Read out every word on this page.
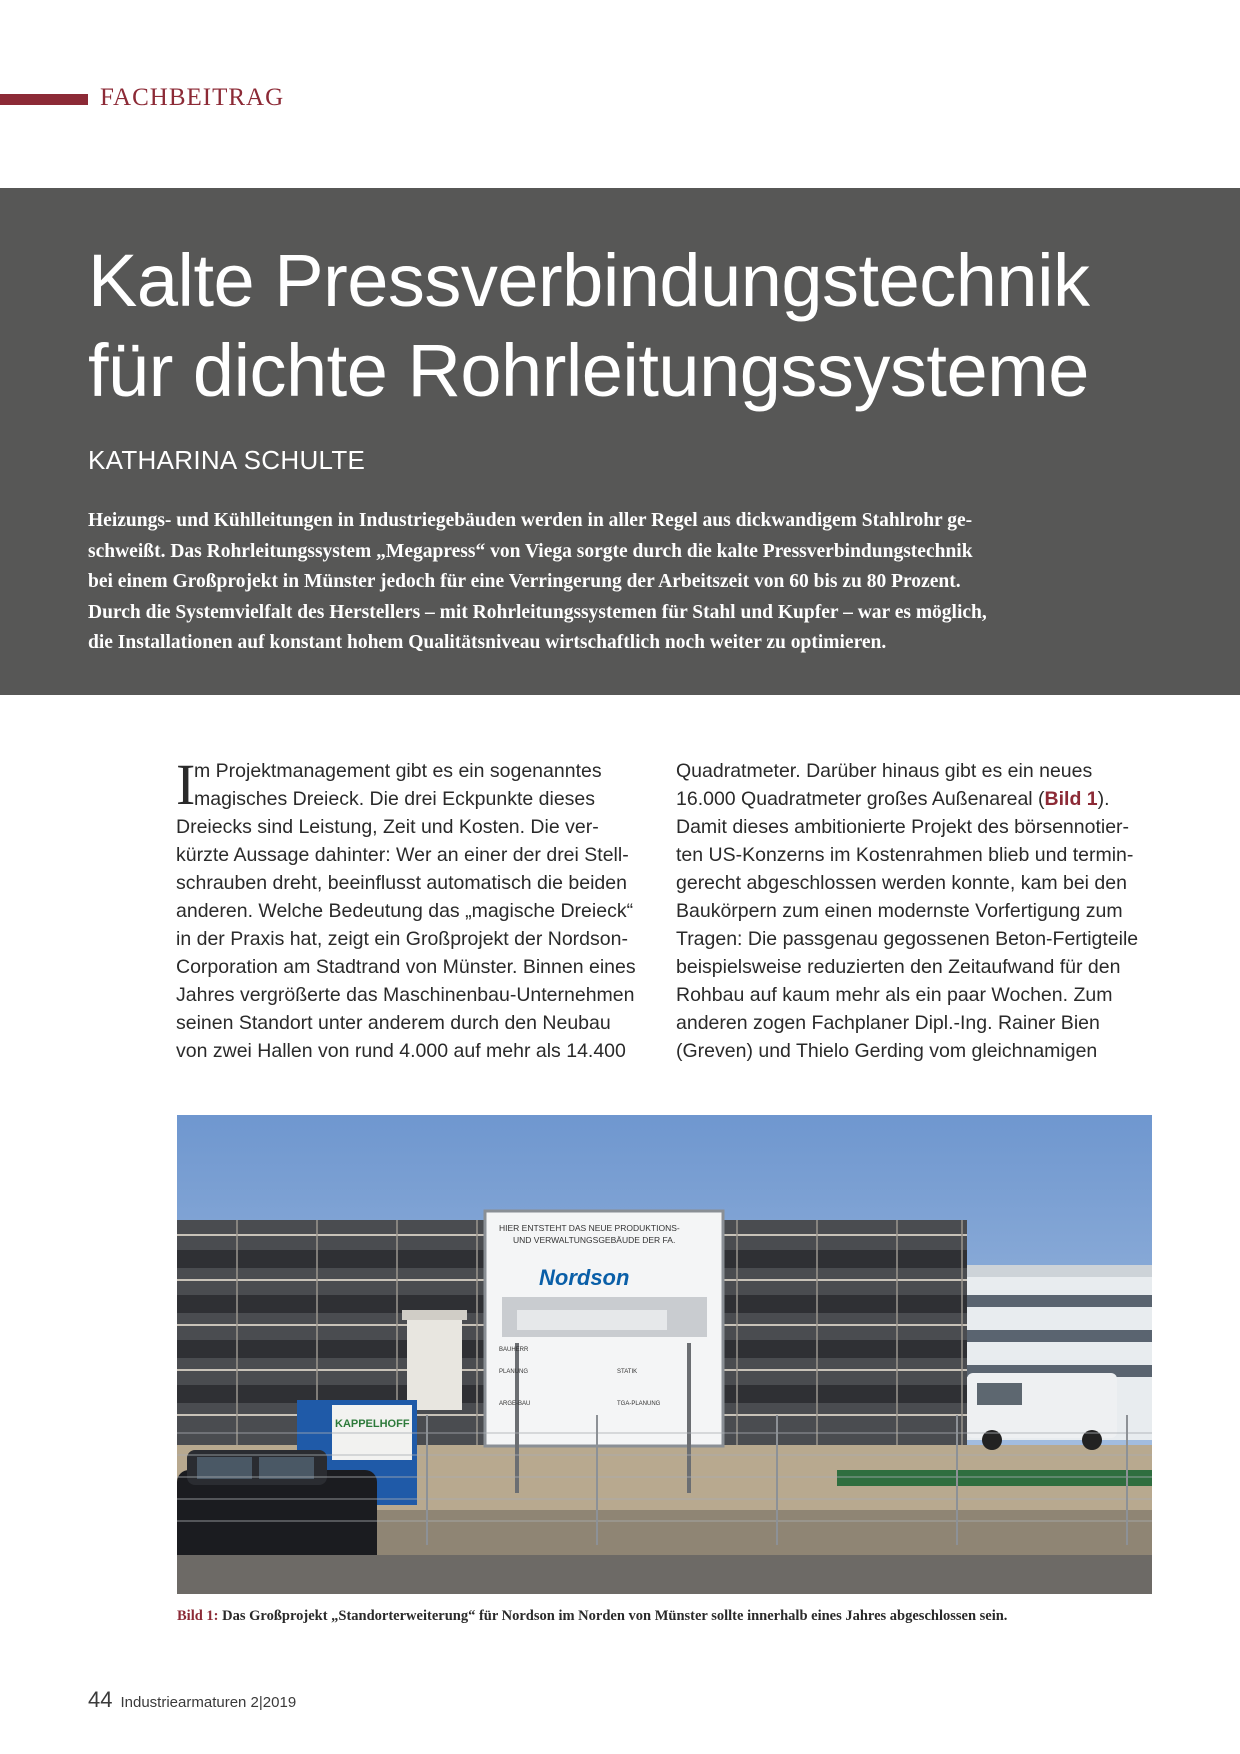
FACHBEITRAG
Kalte Pressverbindungstechnik
für dichte Rohrleitungssysteme
KATHARINA SCHULTE
Heizungs- und Kühlleitungen in Industriegebäuden werden in aller Regel aus dickwandigem Stahlrohr ge-
schweißt. Das Rohrleitungssystem „Megapress“ von Viega sorgte durch die kalte Pressverbindungstechnik
bei einem Großprojekt in Münster jedoch für eine Verringerung der Arbeitszeit von 60 bis zu 80 Prozent.
Durch die Systemvielfalt des Herstellers – mit Rohrleitungssystemen für Stahl und Kupfer – war es möglich,
die Installationen auf konstant hohem Qualitätsniveau wirtschaftlich noch weiter zu optimieren.
I
m Projektmanagement gibt es ein sogenanntes
magisches Dreieck. Die drei Eckpunkte dieses
Dreiecks sind Leistung, Zeit und Kosten. Die ver-
kürzte Aussage dahinter: Wer an einer der drei Stell-
schrauben dreht, beeinflusst automatisch die beiden
anderen. Welche Bedeutung das „magische Dreieck“
in der Praxis hat, zeigt ein Großprojekt der Nordson-
Corporation am Stadtrand von Münster. Binnen eines
Jahres vergrößerte das Maschinenbau-Unternehmen
seinen Standort unter anderem durch den Neubau
von zwei Hallen von rund 4.000 auf mehr als 14.400
Quadratmeter. Darüber hinaus gibt es ein neues
16.000 Quadratmeter großes Außenareal (Bild 1).
Damit dieses ambitionierte Projekt des börsennotier-
ten US-Konzerns im Kostenrahmen blieb und termin-
gerecht abgeschlossen werden konnte, kam bei den
Baukörpern zum einen modernste Vorfertigung zum
Tragen: Die passgenau gegossenen Beton-Fertigteile
beispielsweise reduzierten den Zeitaufwand für den
Rohbau auf kaum mehr als ein paar Wochen. Zum
anderen zogen Fachplaner Dipl.-Ing. Rainer Bien
(Greven) und Thielo Gerding vom gleichnamigen
HIER ENTSTEHT DAS NEUE PRODUKTIONS-
UND VERWALTUNGSGEBÄUDE DER FA.
Nordson
BAUHERR
PLANUNG	STATIK
ARGE-BAU	TGA-PLANUNG
KAPPELHOFF
Bild 1: Das Großprojekt „Standorterweiterung“ für Nordson im Norden von Münster sollte innerhalb eines Jahres abgeschlossen sein.
44 Industriearmaturen 2|2019
